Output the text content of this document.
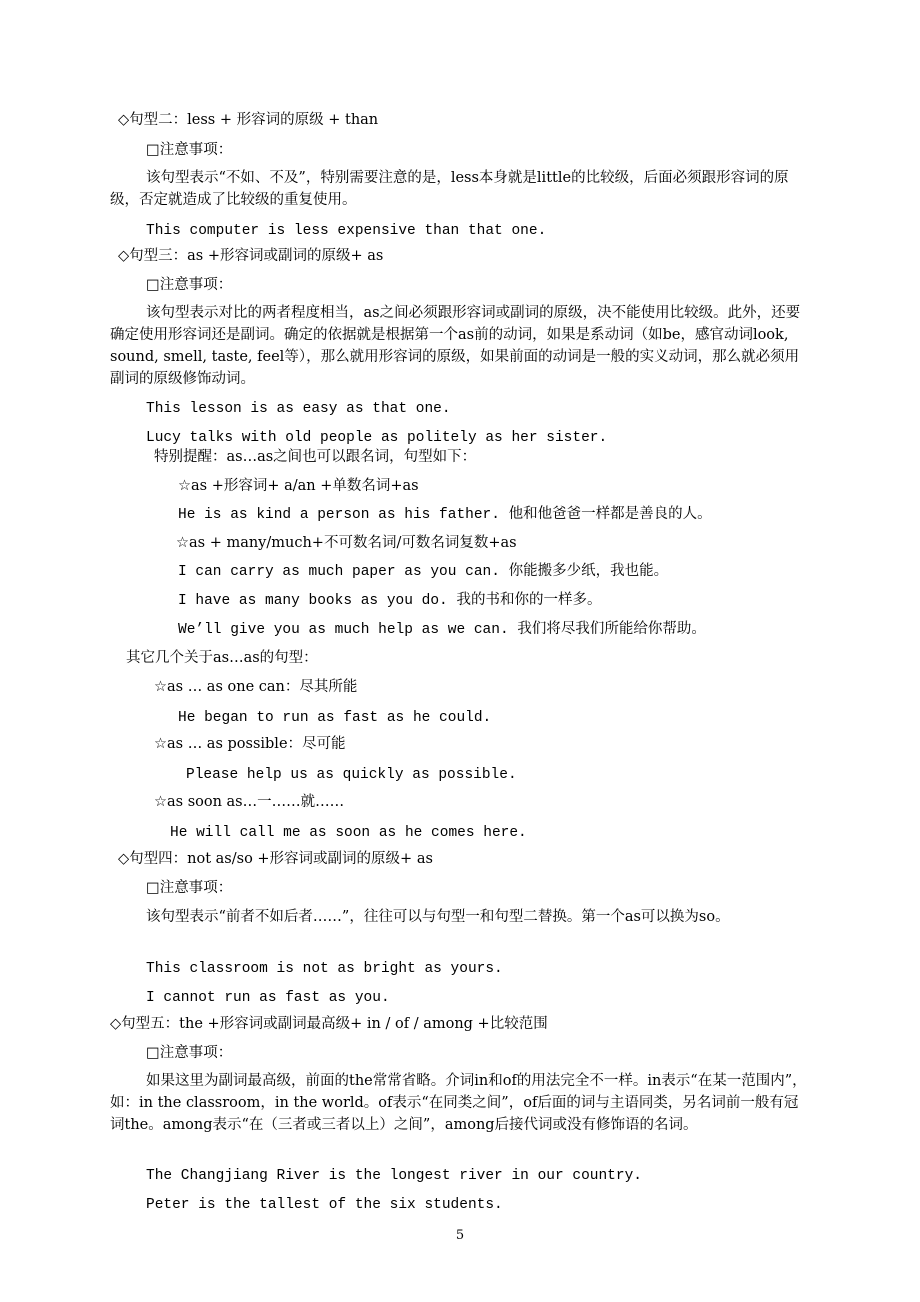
◇句型二：less + 形容词的原级 + than
□注意事项：
该句型表示“不如、不及”，特别需要注意的是，less本身就是little的比较级，后面必须跟形容词的原级，否定就造成了比较级的重复使用。
This computer is less expensive than that one.
◇句型三：as +形容词或副词的原级+ as
□注意事项：
该句型表示对比的两者程度相当，as之间必须跟形容词或副词的原级，决不能使用比较级。此外，还要确定使用形容词还是副词。确定的依据就是根据第一个as前的动词，如果是系动词（如be，感官动词look, sound, smell, taste, feel等），那么就用形容词的原级，如果前面的动词是一般的实义动词，那么就必须用副词的原级修饰动词。
This lesson is as easy as that one.
Lucy talks with old people as politely as her sister.
特别提醒：as…as之间也可以跟名词，句型如下：
☆as +形容词+ a/an +单数名词+as
He is as kind a person as his father. 他和他爸爸一样都是善良的人。
☆as + many/much+不可数名词/可数名词复数+as
I can carry as much paper as you can. 你能搬多少纸，我也能。
I have as many books as you do. 我的书和你的一样多。
We’ll give you as much help as we can. 我们将尽我们所能给你帮助。
其它几个关于as…as的句型：
☆as … as one can：尽其所能
He began to run as fast as he could.
☆as … as possible：尽可能
Please help us as quickly as possible.
☆as soon as…一……就……
He will call me as soon as he comes here.
◇句型四：not as/so +形容词或副词的原级+ as
□注意事项：
该句型表示“前者不如后者……”，往往可以与句型一和句型二替换。第一个as可以换为so。
This classroom is not as bright as yours.
I cannot run as fast as you.
◇句型五：the +形容词或副词最高级+ in / of / among +比较范围
□注意事项：
如果这里为副词最高级，前面的the常常省略。介词in和of的用法完全不一样。in表示“在某一范围内”，如：in the classroom，in the world。of表示“在同类之间”，of后面的词与主语同类，另名词前一般有冠词the。among表示“在（三者或三者以上）之间”，among后接代词或没有修饰语的名词。
The Changjiang River is the longest river in our country.
Peter is the tallest of the six students.
5
